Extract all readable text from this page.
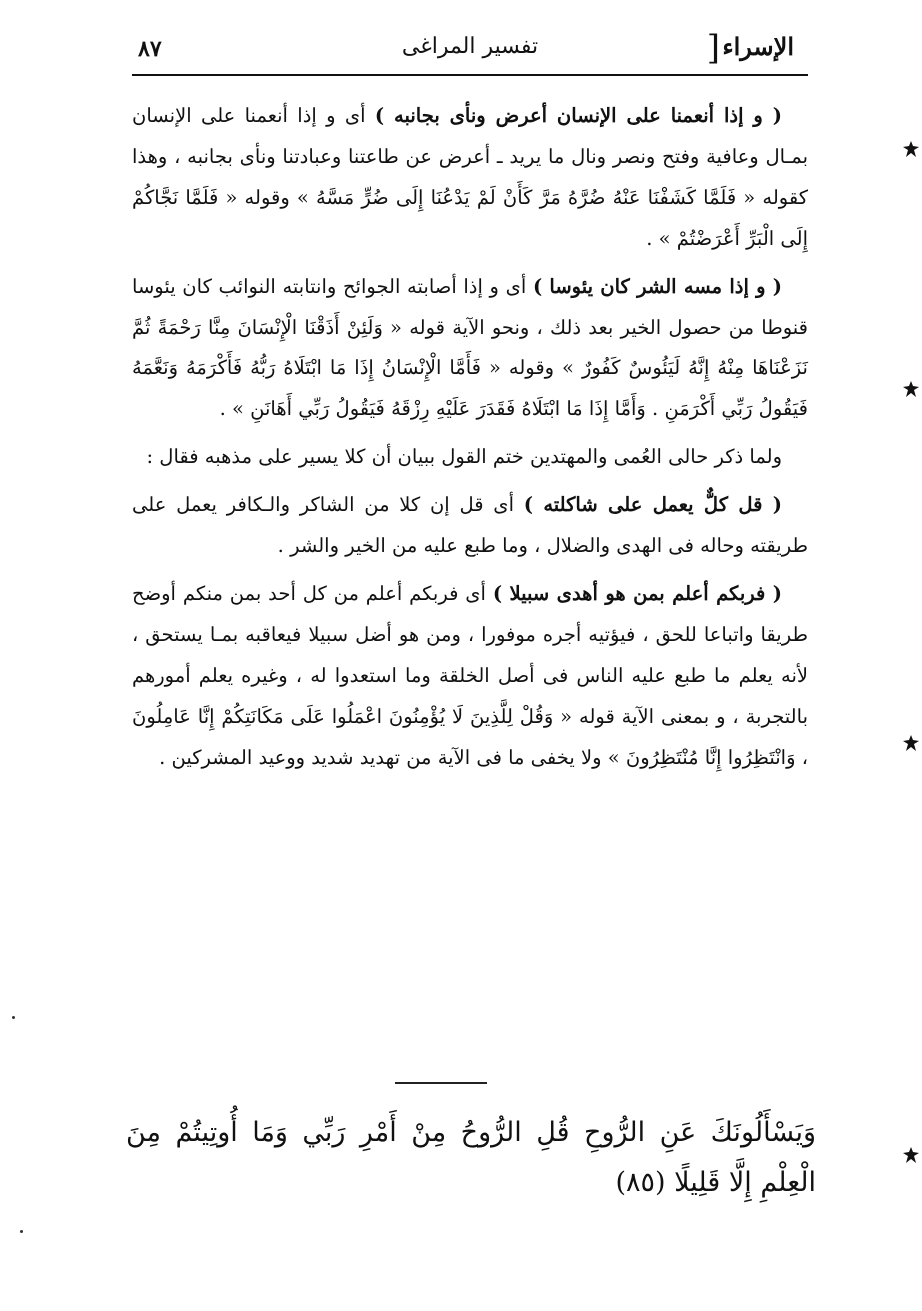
٨٧	تفسير المراغى	] الإسراء

( و إذا أنعمنا على الإنسان أعرض ونأى بجانبه ) أى و إذا أنعمنا على الإنسان بمـال وعافية وفتح ونصر ونال ما يريد ـ أعرض عن طاعتنا وعبادتنا ونأى بجانبه ، وهذا كقوله « فَلَمَّا كَشَفْنَا عَنْهُ ضُرَّهُ مَرَّ كَأَنْ لَمْ يَدْعُنَا إِلَى ضُرٍّ مَسَّهُ » وقوله « فَلَمَّا نَجَّاكُمْ إِلَى الْبَرِّ أَعْرَضْتُمْ » .

( و إذا مسه الشر كان يئوسا ) أى و إذا أصابته الجوائح وانتابته النوائب كان يئوسا قنوطا من حصول الخير بعد ذلك ، ونحو الآية قوله « وَلَئِنْ أَذَقْنَا الْإِنْسَانَ مِنَّا رَحْمَةً ثُمَّ نَزَعْنَاهَا مِنْهُ إِنَّهُ لَيَئُوسٌ كَفُورٌ » وقوله « فَأَمَّا الْإِنْسَانُ إِذَا مَا ابْتَلَاهُ رَبُّهُ فَأَكْرَمَهُ وَنَعَّمَهُ فَيَقُولُ رَبِّي أَكْرَمَنِ . وَأَمَّا إِذَا مَا ابْتَلَاهُ فَقَدَرَ عَلَيْهِ رِزْقَهُ فَيَقُولُ رَبِّي أَهَانَنِ » .

ولما ذكر حالى العُمى والمهتدين ختم القول ببيان أن كلا يسير على مذهبه فقال :

( قل كلٌّ يعمل على شاكلته ) أى قل إن كلا من الشاكر والـكافر يعمل على طريقته وحاله فى الهدى والضلال ، وما طبع عليه من الخير والشر .

( فربكم أعلم بمن هو أهدى سبيلا ) أى فربكم أعلم من كل أحد بمن منكم أوضح طريقا واتباعا للحق ، فيؤتيه أجره موفورا ، ومن هو أضل سبيلا فيعاقبه بمـا يستحق ، لأنه يعلم ما طبع عليه الناس فى أصل الخلقة وما استعدوا له ، وغيره يعلم أمورهم بالتجربة ، و بمعنى الآية قوله « وَقُلْ لِلَّذِينَ لَا يُؤْمِنُونَ اعْمَلُوا عَلَى مَكَانَتِكُمْ إِنَّا عَامِلُونَ ، وَانْتَظِرُوا إِنَّا مُنْتَظِرُونَ » ولا يخفى ما فى الآية من تهديد شديد ووعيد المشركين .

وَيَسْأَلُونَكَ عَنِ الرُّوحِ قُلِ الرُّوحُ مِنْ أَمْرِ رَبِّي وَمَا أُوتِيتُمْ مِنَ
الْعِلْمِ إِلَّا قَلِيلًا (٨٥)
